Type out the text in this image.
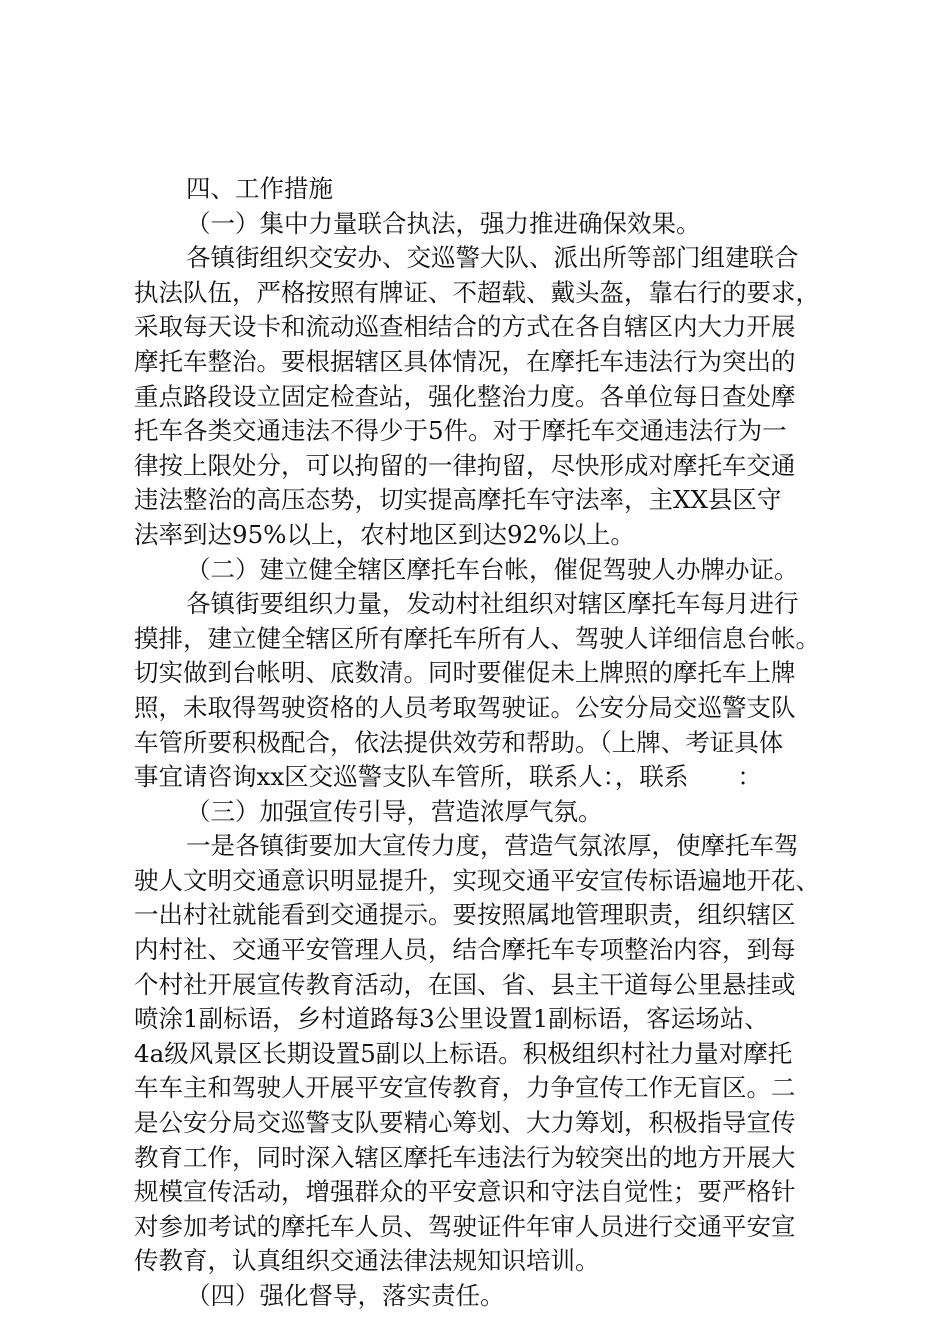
四、工作措施
（一）集中力量联合执法，强力推进确保效果。
各镇街组织交安办、交巡警大队、派出所等部门组建联合
执法队伍，严格按照有牌证、不超载、戴头盔，靠右行的要求，
采取每天设卡和流动巡查相结合的方式在各自辖区内大力开展
摩托车整治。要根据辖区具体情况，在摩托车违法行为突出的
重点路段设立固定检查站，强化整治力度。各单位每日查处摩
托车各类交通违法不得少于5件。对于摩托车交通违法行为一
律按上限处分，可以拘留的一律拘留，尽快形成对摩托车交通
违法整治的高压态势，切实提高摩托车守法率，主XX县区守
法率到达95%以上，农村地区到达92%以上。
（二）建立健全辖区摩托车台帐，催促驾驶人办牌办证。
各镇街要组织力量，发动村社组织对辖区摩托车每月进行
摸排，建立健全辖区所有摩托车所有人、驾驶人详细信息台帐。
切实做到台帐明、底数清。同时要催促未上牌照的摩托车上牌
照，未取得驾驶资格的人员考取驾驶证。公安分局交巡警支队
车管所要积极配合，依法提供效劳和帮助。（上牌、考证具体
事宜请咨询xx区交巡警支队车管所，联系人：，联系　　：
（三）加强宣传引导，营造浓厚气氛。
一是各镇街要加大宣传力度，营造气氛浓厚，使摩托车驾
驶人文明交通意识明显提升，实现交通平安宣传标语遍地开花、
一出村社就能看到交通提示。要按照属地管理职责，组织辖区
内村社、交通平安管理人员，结合摩托车专项整治内容，到每
个村社开展宣传教育活动，在国、省、县主干道每公里悬挂或
喷涂1副标语，乡村道路每3公里设置1副标语，客运场站、
4a级风景区长期设置5副以上标语。积极组织村社力量对摩托
车车主和驾驶人开展平安宣传教育，力争宣传工作无盲区。二
是公安分局交巡警支队要精心筹划、大力筹划，积极指导宣传
教育工作，同时深入辖区摩托车违法行为较突出的地方开展大
规模宣传活动，增强群众的平安意识和守法自觉性；要严格针
对参加考试的摩托车人员、驾驶证件年审人员进行交通平安宣
传教育，认真组织交通法律法规知识培训。
（四）强化督导，落实责任。
